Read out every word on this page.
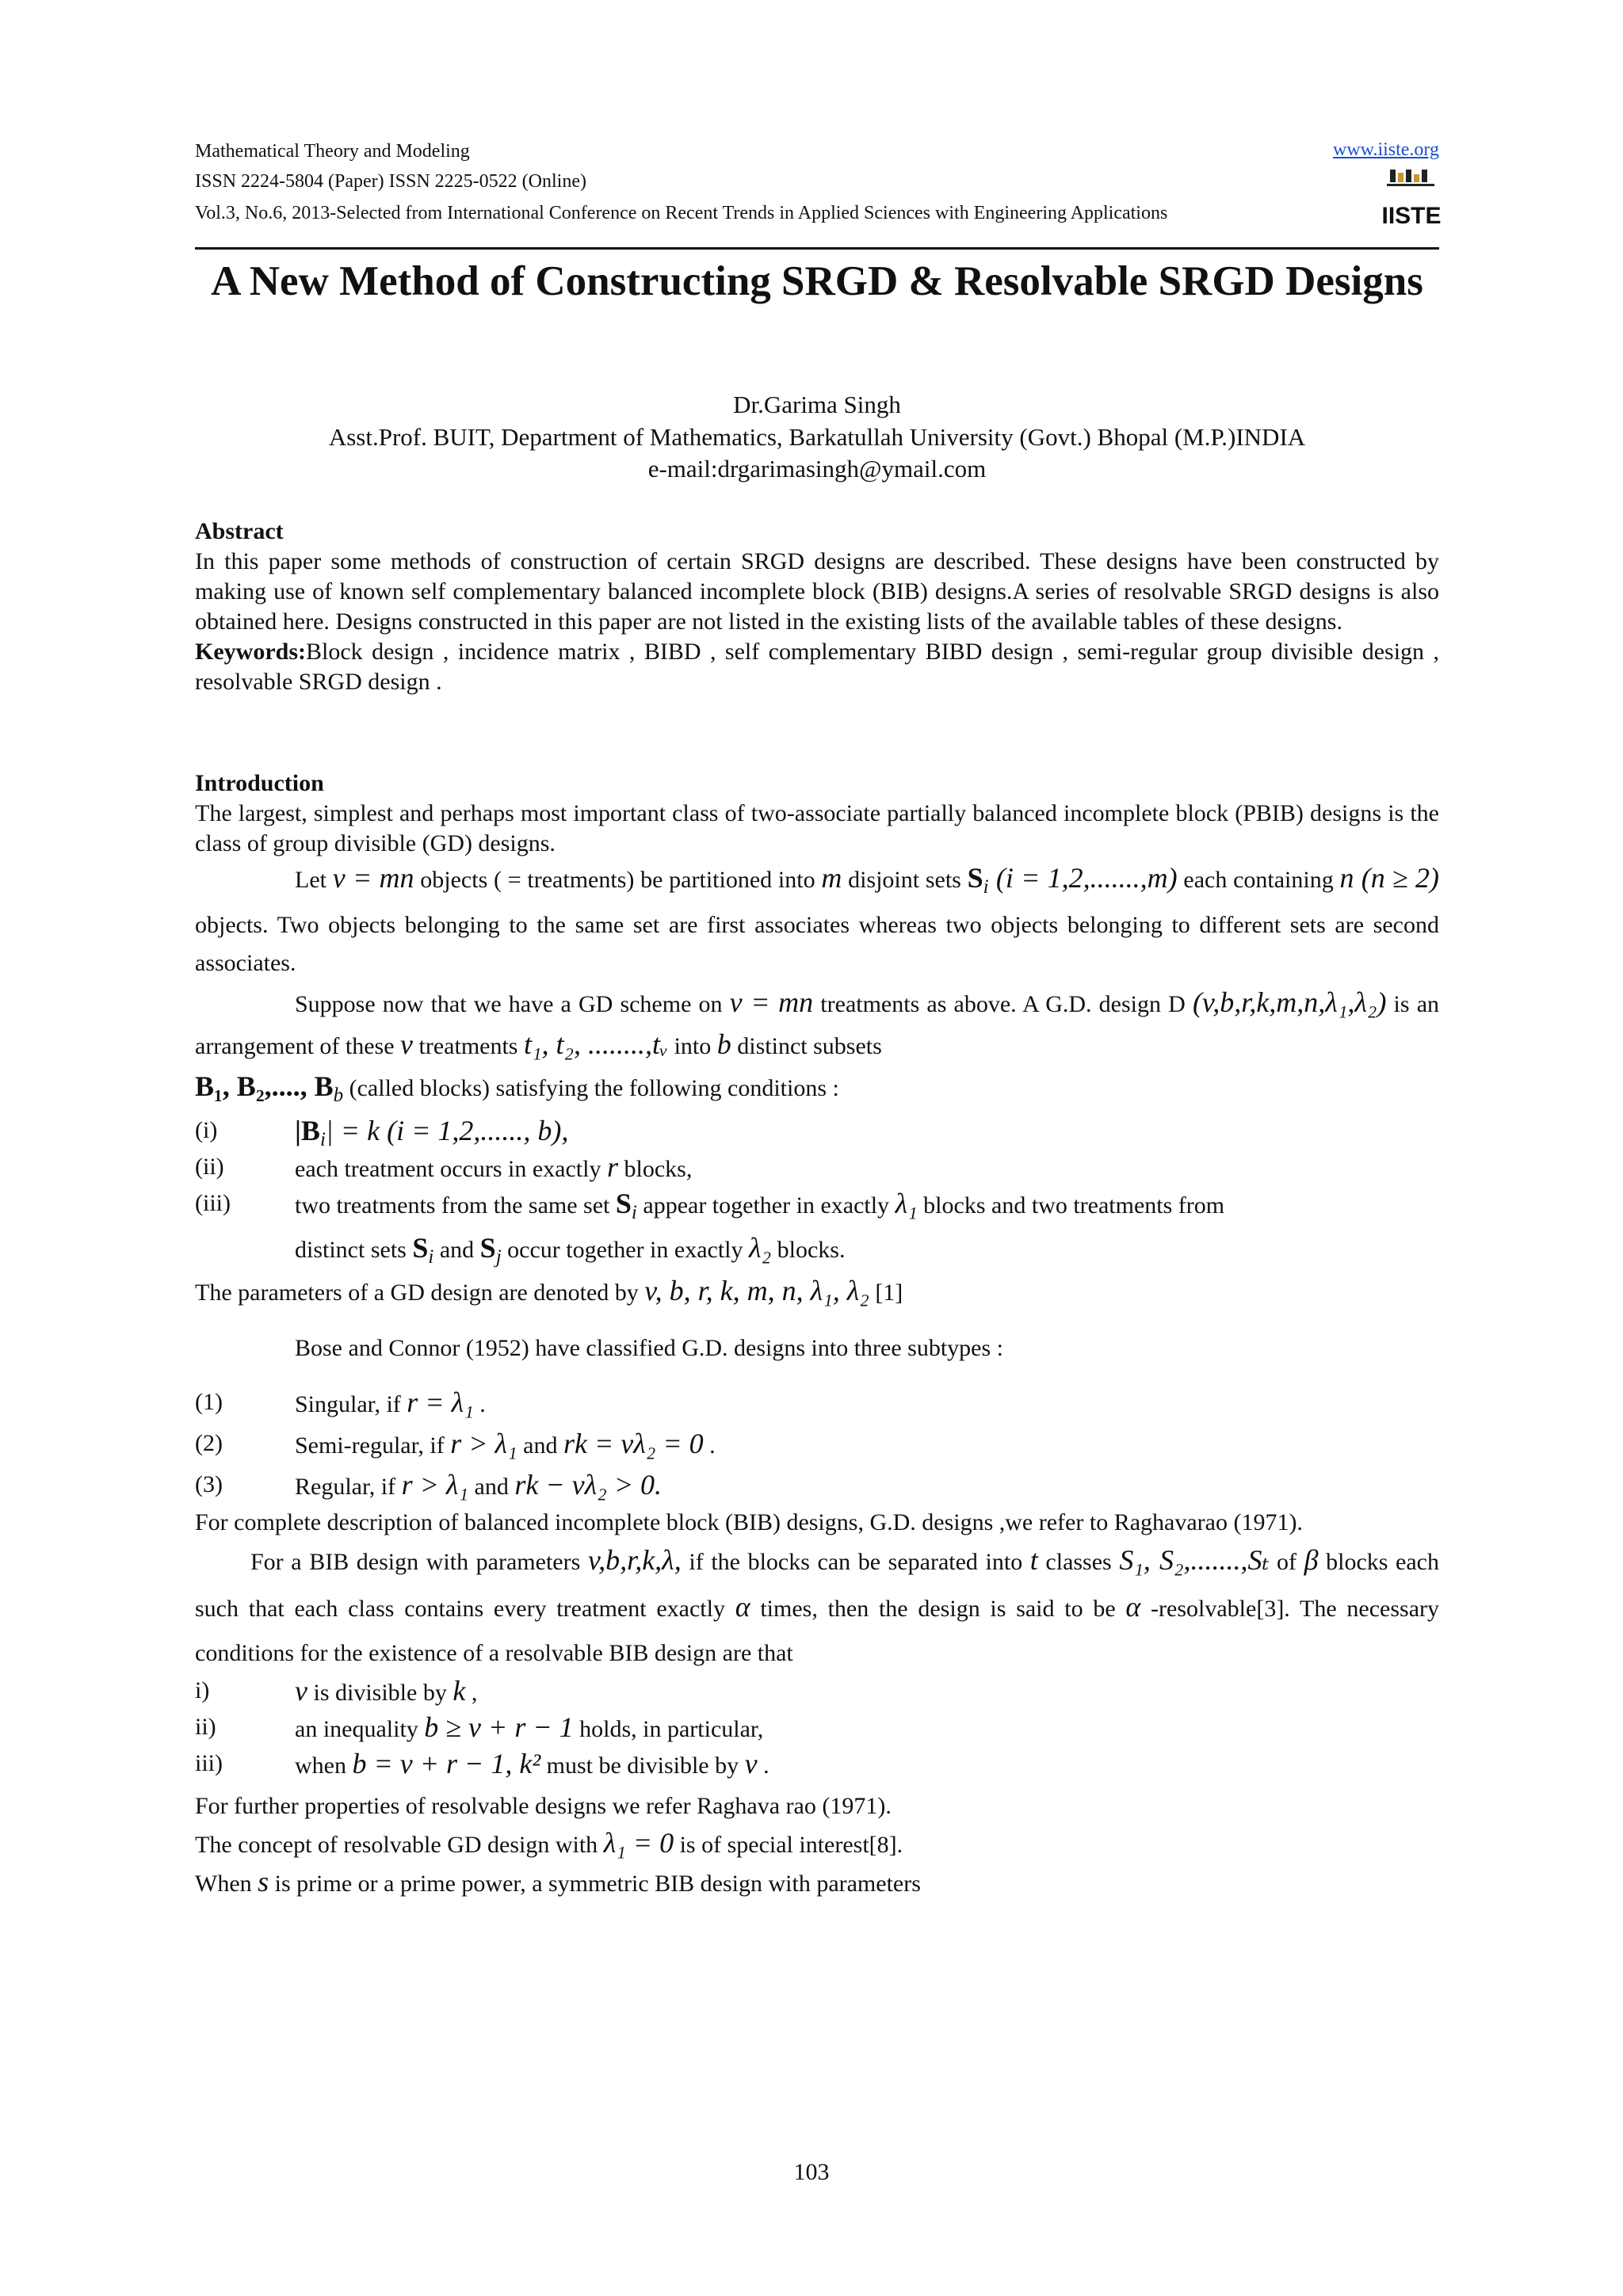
Mathematical Theory and Modeling	www.iiste.org
ISSN 2224-5804 (Paper) ISSN 2225-0522 (Online)
Vol.3, No.6, 2013-Selected from International Conference on Recent Trends in Applied Sciences with Engineering Applications	IISTE
A New Method of Constructing SRGD & Resolvable SRGD Designs
Dr.Garima Singh
Asst.Prof. BUIT, Department of Mathematics, Barkatullah University (Govt.) Bhopal (M.P.)INDIA
e-mail:drgarimasingh@ymail.com

Abstract

In this paper some methods of construction of certain SRGD designs are described. These designs have been constructed by making use of known self complementary balanced incomplete block (BIB) designs.A series of resolvable SRGD designs is also obtained here. Designs constructed in this paper are not listed in the existing lists of the available tables of these designs.

Keywords:Block design , incidence matrix , BIBD , self complementary BIBD design , semi-regular group divisible design , resolvable SRGD design .

Introduction

The largest, simplest and perhaps most important class of two-associate partially balanced incomplete block (PBIB) designs is the class of group divisible (GD) designs.

Let v = mn objects ( = treatments) be partitioned into m disjoint sets $S_i$ (i = 1,2,.......,m) each containing n (n ≥ 2) objects. Two objects belonging to the same set are first associates whereas two objects belonging to different sets are second associates.

Suppose now that we have a GD scheme on v = mn treatments as above. A G.D. design D (v,b,r,k,m,n,λ₁,λ₂) is an arrangement of these v treatments t₁, t₂, ........,tᵥ into b distinct subsets

B₁, B₂,...., $B_b$ (called blocks) satisfying the following conditions :

(i)	$|B_i| = k$ (i = 1,2,......, b),
(ii)	each treatment occurs in exactly r blocks,
(iii)	two treatments from the same set $S_i$ appear together in exactly λ₁ blocks and two treatments from
distinct sets $S_i$ and $S_j$ occur together in exactly λ₂ blocks.

The parameters of a GD design are denoted by v, b, r, k, m, n, λ₁, λ₂ [1]

Bose and Connor (1952) have classified G.D. designs into three subtypes :

(1)	Singular, if r = λ₁ .
(2)	Semi-regular, if r > λ₁ and rk = vλ₂ = 0 .
(3)	Regular, if r > λ₁ and rk − vλ₂ > 0.

For complete description of balanced incomplete block (BIB) designs, G.D. designs ,we refer to Raghavarao (1971).

For a BIB design with parameters v,b,r,k,λ, if the blocks can be separated into t classes S₁, S₂,.......,Sₜ of β blocks each such that each class contains every treatment exactly α times, then the design is said to be α -resolvable[3]. The necessary conditions for the existence of a resolvable BIB design are that

i)	v is divisible by k ,
ii)	an inequality b ≥ v + r − 1 holds, in particular,
iii)	when b = v + r − 1, k² must be divisible by v .

For further properties of resolvable designs we refer Raghava rao (1971).

The concept of resolvable GD design with λ₁ = 0 is of special interest[8].

When s is prime or a prime power, a symmetric BIB design with parameters

103
